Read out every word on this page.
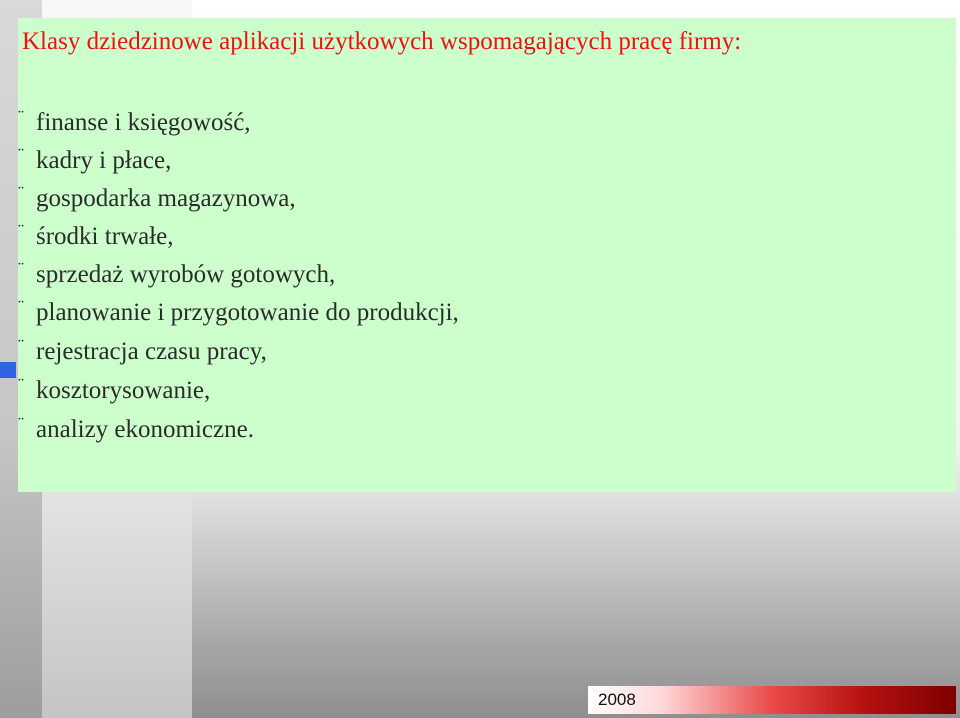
Klasy dziedzinowe aplikacji użytkowych wspomagających pracę firmy:
¨ finanse i księgowość,
¨ kadry i płace,
¨ gospodarka magazynowa,
¨ środki trwałe,
¨ sprzedaż wyrobów gotowych,
¨ planowanie i przygotowanie do produkcji,
¨ rejestracja czasu pracy,
¨ kosztorysowanie,
¨ analizy ekonomiczne.
2008
